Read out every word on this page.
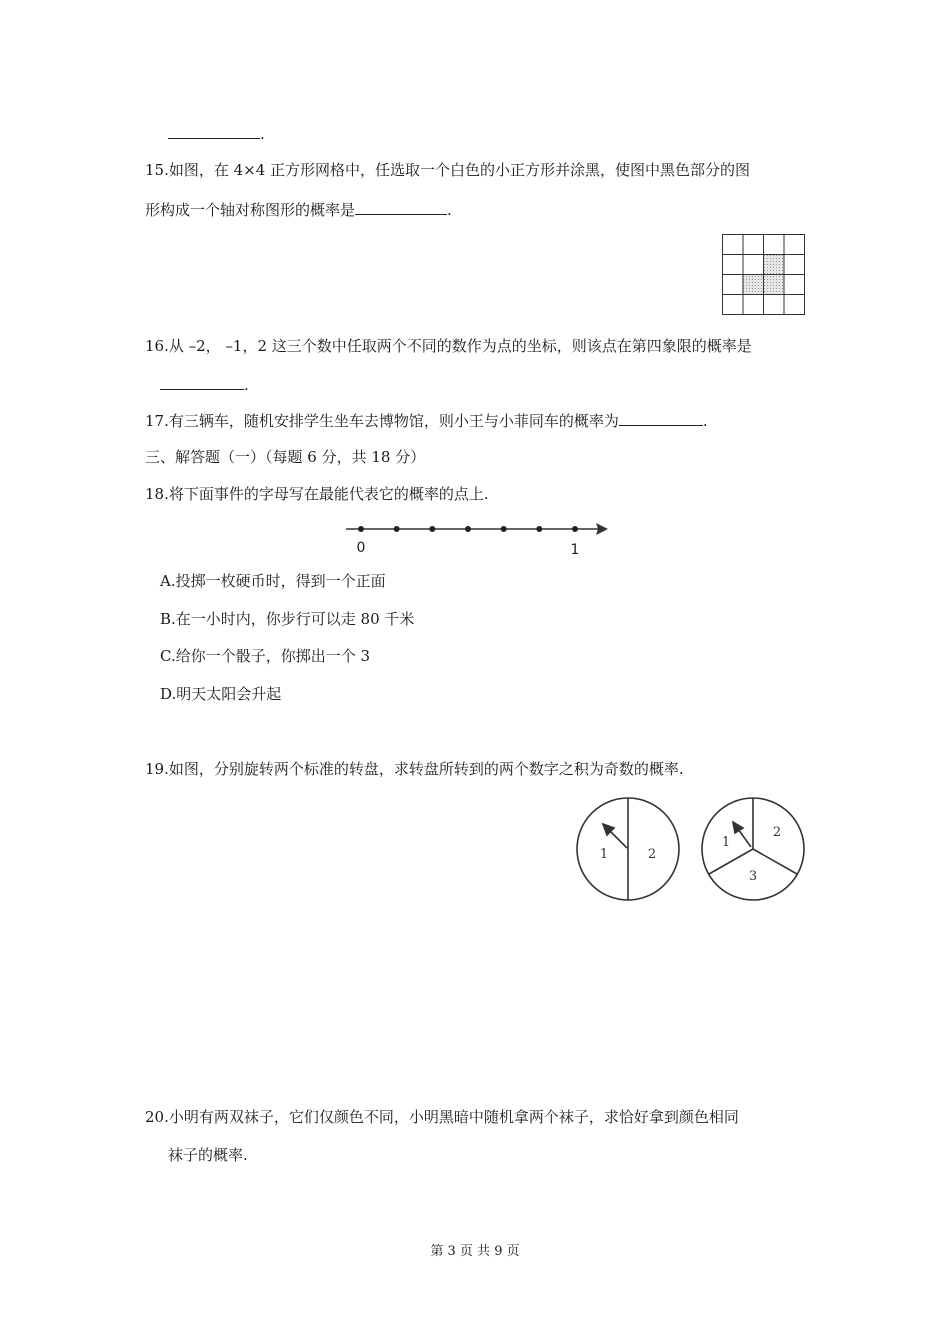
.
15.如图，在 4×4 正方形网格中，任选取一个白色的小正方形并涂黑，使图中黑色部分的图
形构成一个轴对称图形的概率是	.
16.从 –2， –1，2 这三个数中任取两个不同的数作为点的坐标，则该点在第四象限的概率是
.
17.有三辆车，随机安排学生坐车去博物馆，则小王与小菲同车的概率为	.
三、解答题（一）（每题 6 分，共 18 分）
18.将下面事件的字母写在最能代表它的概率的点上.
0	1
A.投掷一枚硬币时，得到一个正面
B.在一小时内，你步行可以走 80 千米
C.给你一个骰子，你掷出一个 3
D.明天太阳会升起
19.如图，分别旋转两个标准的转盘，求转盘所转到的两个数字之积为奇数的概率.
1	2
1
2
3
20.小明有两双袜子，它们仅颜色不同，小明黑暗中随机拿两个袜子，求恰好拿到颜色相同
袜子的概率.
第 3 页 共 9 页
